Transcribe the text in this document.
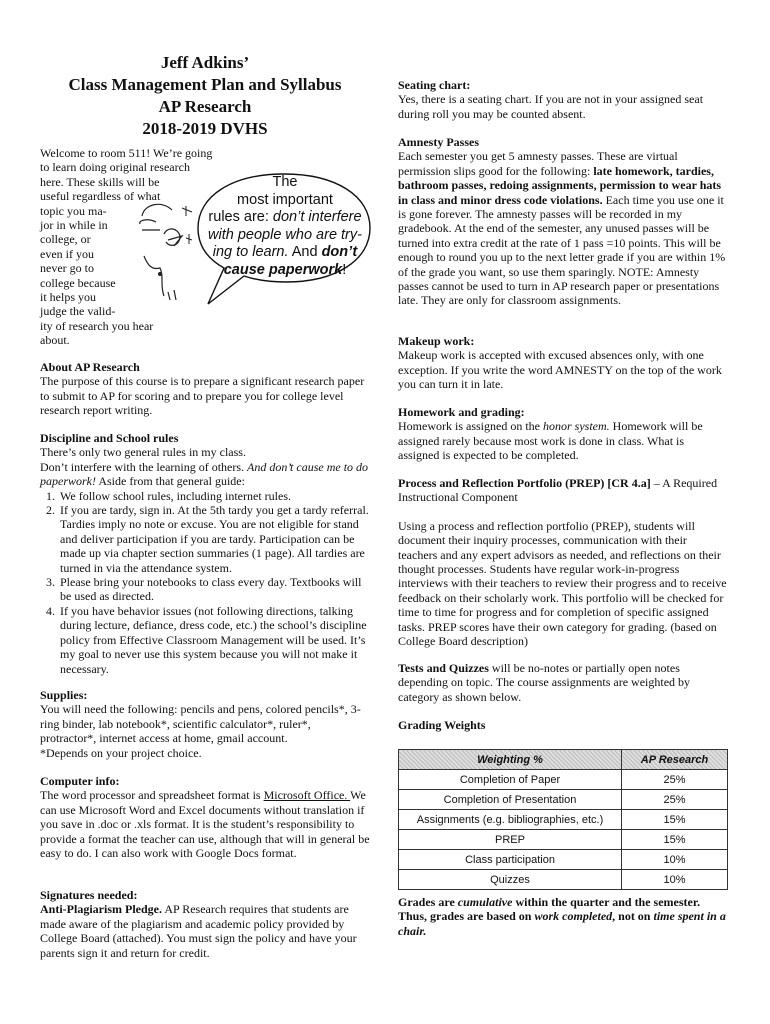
Jeff Adkins’
Class Management Plan and Syllabus
AP Research
2018-2019 DVHS
Welcome to room 511! We’re going
to learn doing original research
here. These skills will be
useful regardless of what
topic you ma-
jor in while in
college, or
even if you
never go to
college because
it helps you
judge the valid-
ity of research you hear
about.
The
most important
rules are: don’t interfere
with people who are try-
ing to learn. And don’t
cause paperwork!

About AP Research

The purpose of this course is to prepare a significant research paper to submit to AP for scoring and to prepare you for college level research report writing.

Discipline and School rules

There’s only two general rules in my class.

Don’t interfere with the learning of others. And don’t cause me to do paperwork! Aside from that general guide:

1. We follow school rules, including internet rules.
2. If you are tardy, sign in. At the 5th tardy you get a tardy referral. Tardies imply no note or excuse. You are not eligible for stand and deliver participation if you are tardy. Participation can be made up via chapter section summaries (1 page). All tardies are turned in via the attendance system.
3. Please bring your notebooks to class every day. Textbooks will be used as directed.
4. If you have behavior issues (not following directions, talking during lecture, defiance, dress code, etc.) the school’s discipline policy from Effective Classroom Management will be used. It’s my goal to never use this system because you will not make it necessary.

Supplies:

You will need the following: pencils and pens, colored pencils*, 3-ring binder, lab notebook*, scientific calculator*, ruler*, protractor*, internet access at home, gmail account.

*Depends on your project choice.

Computer info:

The word processor and spreadsheet format is Microsoft Office. We can use Microsoft Word and Excel documents without translation if you save in .doc or .xls format. It is the student’s responsibility to provide a format the teacher can use, although that will in general be easy to do. I can also work with Google Docs format.

Signatures needed:

Anti-Plagiarism Pledge. AP Research requires that students are made aware of the plagiarism and academic policy provided by College Board (attached). You must sign the policy and have your parents sign it and return for credit.

Seating chart:

Yes, there is a seating chart. If you are not in your assigned seat during roll you may be counted absent.

Amnesty Passes

Each semester you get 5 amnesty passes. These are virtual permission slips good for the following: late homework, tardies, bathroom passes, redoing assignments, permission to wear hats in class and minor dress code violations. Each time you use one it is gone forever. The amnesty passes will be recorded in my gradebook. At the end of the semester, any unused passes will be turned into extra credit at the rate of 1 pass =10 points. This will be enough to round you up to the next letter grade if you are within 1% of the grade you want, so use them sparingly. NOTE: Amnesty passes cannot be used to turn in AP research paper or presentations late. They are only for classroom assignments.

Makeup work:

Makeup work is accepted with excused absences only, with one exception. If you write the word AMNESTY on the top of the work you can turn it in late.

Homework and grading:

Homework is assigned on the honor system. Homework will be assigned rarely because most work is done in class. What is assigned is expected to be completed.

Process and Reflection Portfolio (PREP) [CR 4.a] – A Required Instructional Component

Using a process and reflection portfolio (PREP), students will document their inquiry processes, communication with their teachers and any expert advisors as needed, and reflections on their thought processes. Students have regular work-in-progress interviews with their teachers to review their progress and to receive feedback on their scholarly work. This portfolio will be checked for time to time for progress and for completion of specific assigned tasks. PREP scores have their own category for grading. (based on College Board description)

Tests and Quizzes will be no-notes or partially open notes depending on topic. The course assignments are weighted by category as shown below.

Grading Weights

Weighting %	AP Research
Completion of Paper	25%
Completion of Presentation	25%
Assignments (e.g. bibliographies, etc.)	15%
PREP	15%
Class participation	10%
Quizzes	10%

Grades are cumulative within the quarter and the semester. Thus, grades are based on work completed, not on time spent in a chair.
